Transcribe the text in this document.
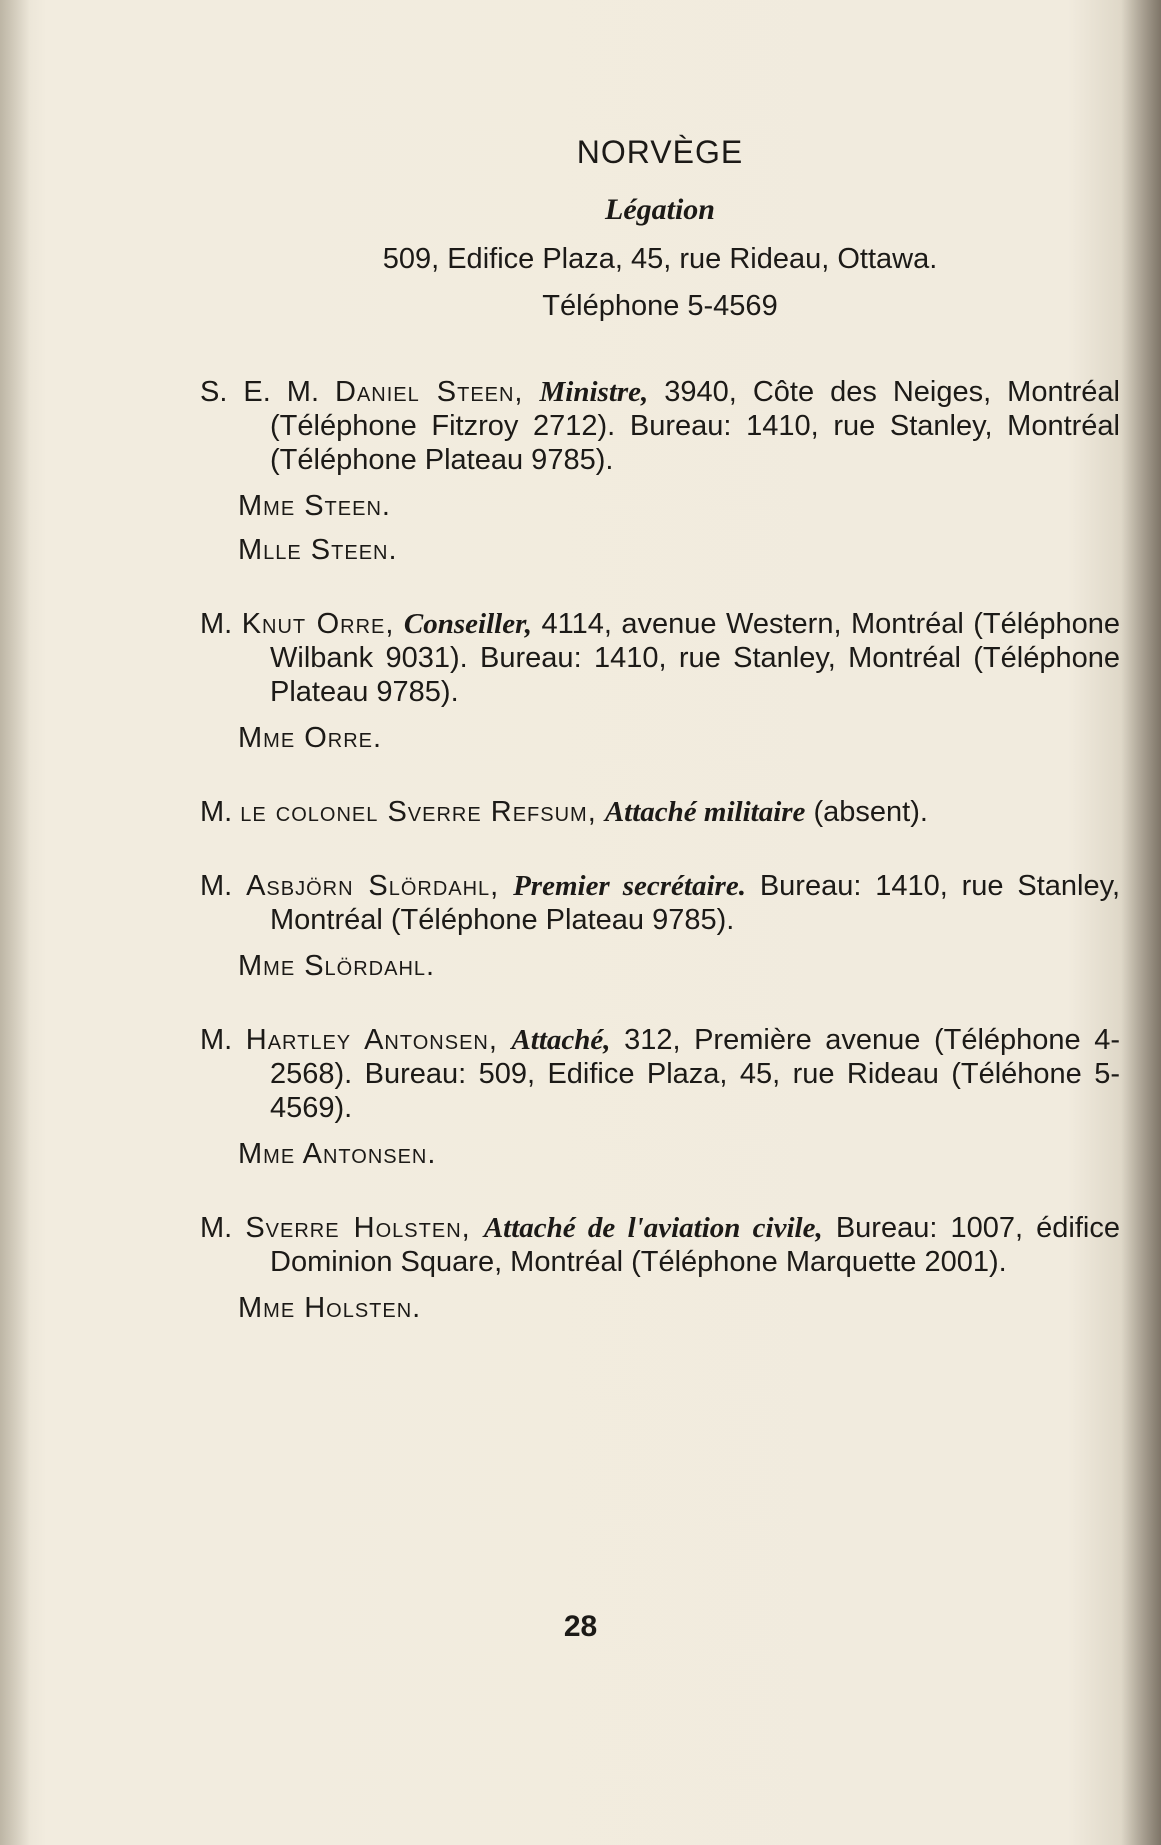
NORVÈGE
Légation
509, Edifice Plaza, 45, rue Rideau, Ottawa.
Téléphone 5-4569
S. E. M. Daniel Steen, Ministre, 3940, Côte des Neiges, Montréal (Téléphone Fitzroy 2712). Bureau: 1410, rue Stanley, Montréal (Téléphone Plateau 9785).
Mme Steen.
Mlle Steen.
M. Knut Orre, Conseiller, 4114, avenue Western, Montréal (Téléphone Wilbank 9031). Bureau: 1410, rue Stanley, Montréal (Téléphone Plateau 9785).
Mme Orre.
M. le colonel Sverre Refsum, Attaché militaire (absent).
M. Asbjörn Slördahl, Premier secrétaire. Bureau: 1410, rue Stanley, Montréal (Téléphone Plateau 9785).
Mme Slördahl.
M. Hartley Antonsen, Attaché, 312, Première avenue (Téléphone 4-2568). Bureau: 509, Edifice Plaza, 45, rue Rideau (Téléhone 5-4569).
Mme Antonsen.
M. Sverre Holsten, Attaché de l'aviation civile, Bureau: 1007, édifice Dominion Square, Montréal (Téléphone Marquette 2001).
Mme Holsten.
28
